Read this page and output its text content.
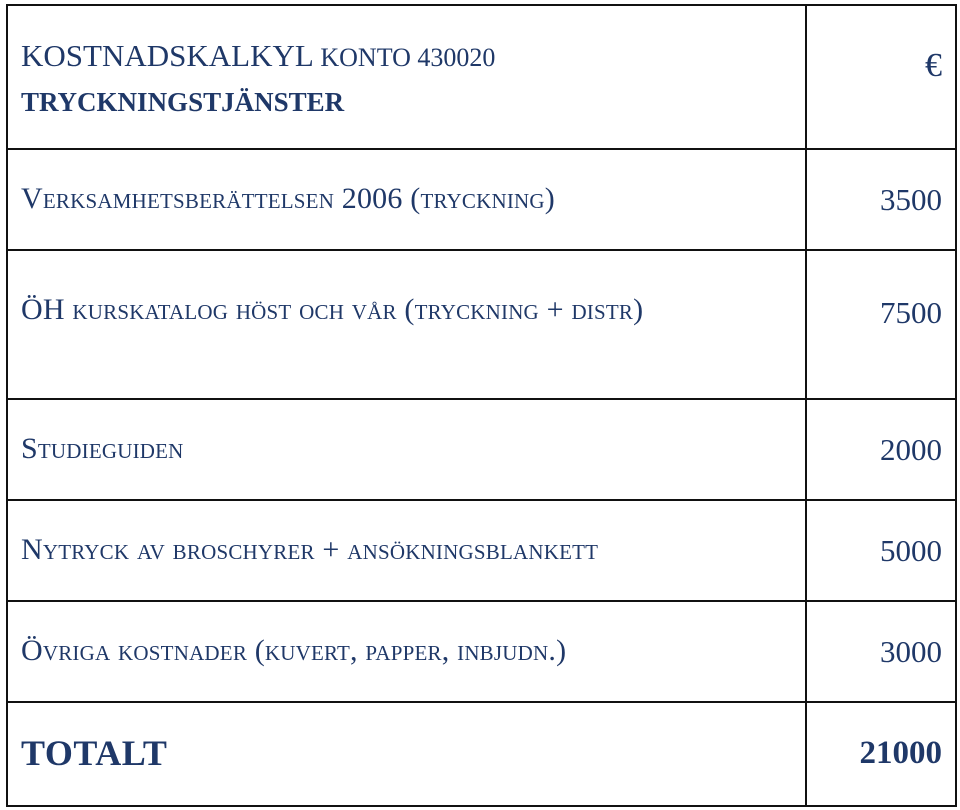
KOSTNADSKALKYL KONTO 430020
TRYCKNINGSTJÄNSTER	€
Verksamhetsberättelsen 2006 (tryckning)	3500
ÖH kurskatalog höst och vår (tryckning + distr)	7500
Studieguiden	2000
Nytryck av broschyrer + ansökningsblankett	5000
Övriga kostnader (kuvert, papper, inbjudn.)	3000
TOTALT	21000
